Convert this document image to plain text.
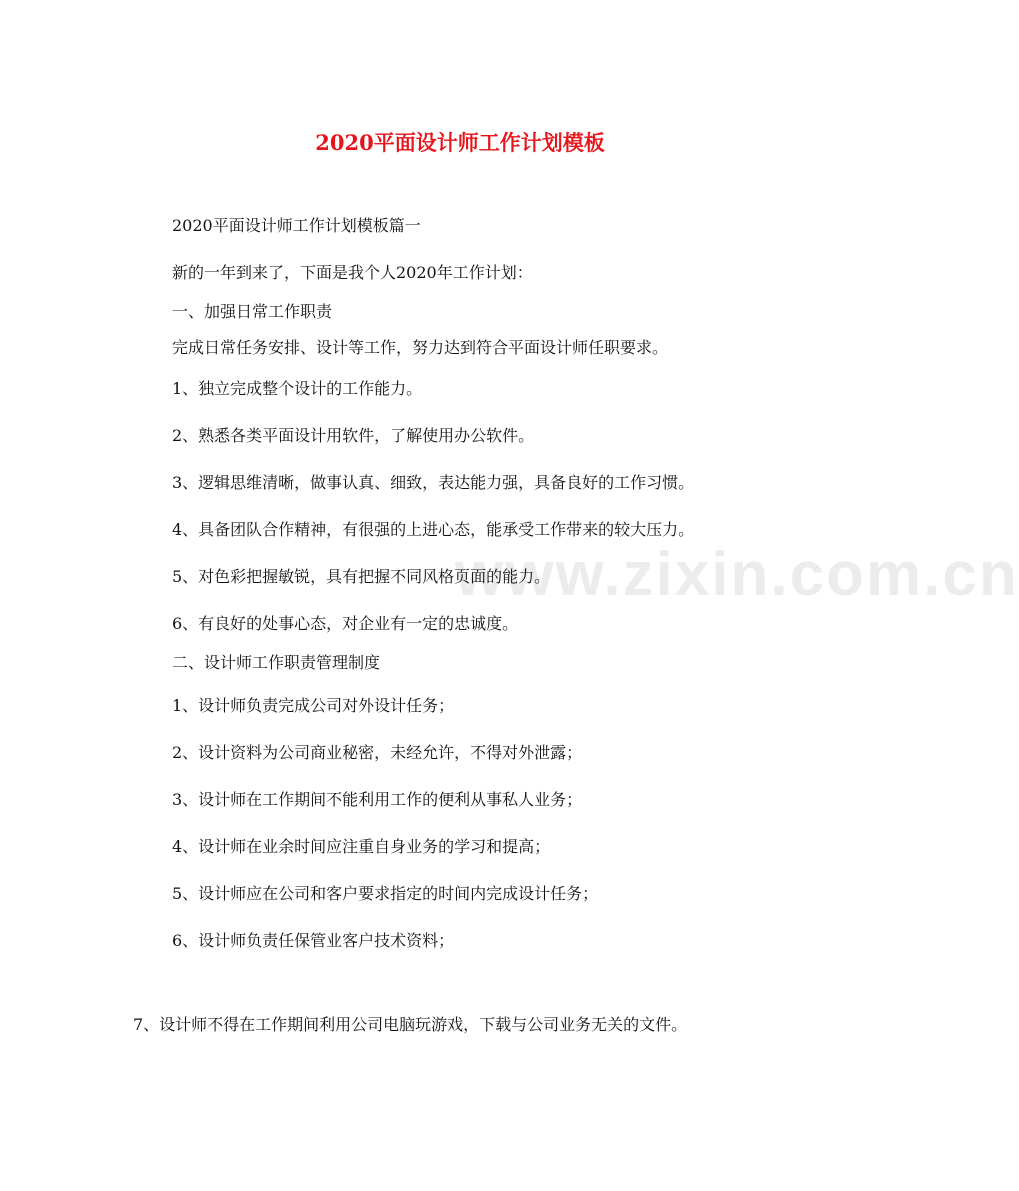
www.zixin.com.cn
2020平面设计师工作计划模板
2020平面设计师工作计划模板篇一
新的一年到来了，下面是我个人2020年工作计划：
一、加强日常工作职责
完成日常任务安排、设计等工作，努力达到符合平面设计师任职要求。
1、独立完成整个设计的工作能力。
2、熟悉各类平面设计用软件，了解使用办公软件。
3、逻辑思维清晰，做事认真、细致，表达能力强，具备良好的工作习惯。
4、具备团队合作精神，有很强的上进心态，能承受工作带来的较大压力。
5、对色彩把握敏锐，具有把握不同风格页面的能力。
6、有良好的处事心态，对企业有一定的忠诚度。
二、设计师工作职责管理制度
1、设计师负责完成公司对外设计任务；
2、设计资料为公司商业秘密，未经允许，不得对外泄露；
3、设计师在工作期间不能利用工作的便利从事私人业务；
4、设计师在业余时间应注重自身业务的学习和提高；
5、设计师应在公司和客户要求指定的时间内完成设计任务；
6、设计师负责任保管业客户技术资料；
7、设计师不得在工作期间利用公司电脑玩游戏，下载与公司业务无关的文件。
